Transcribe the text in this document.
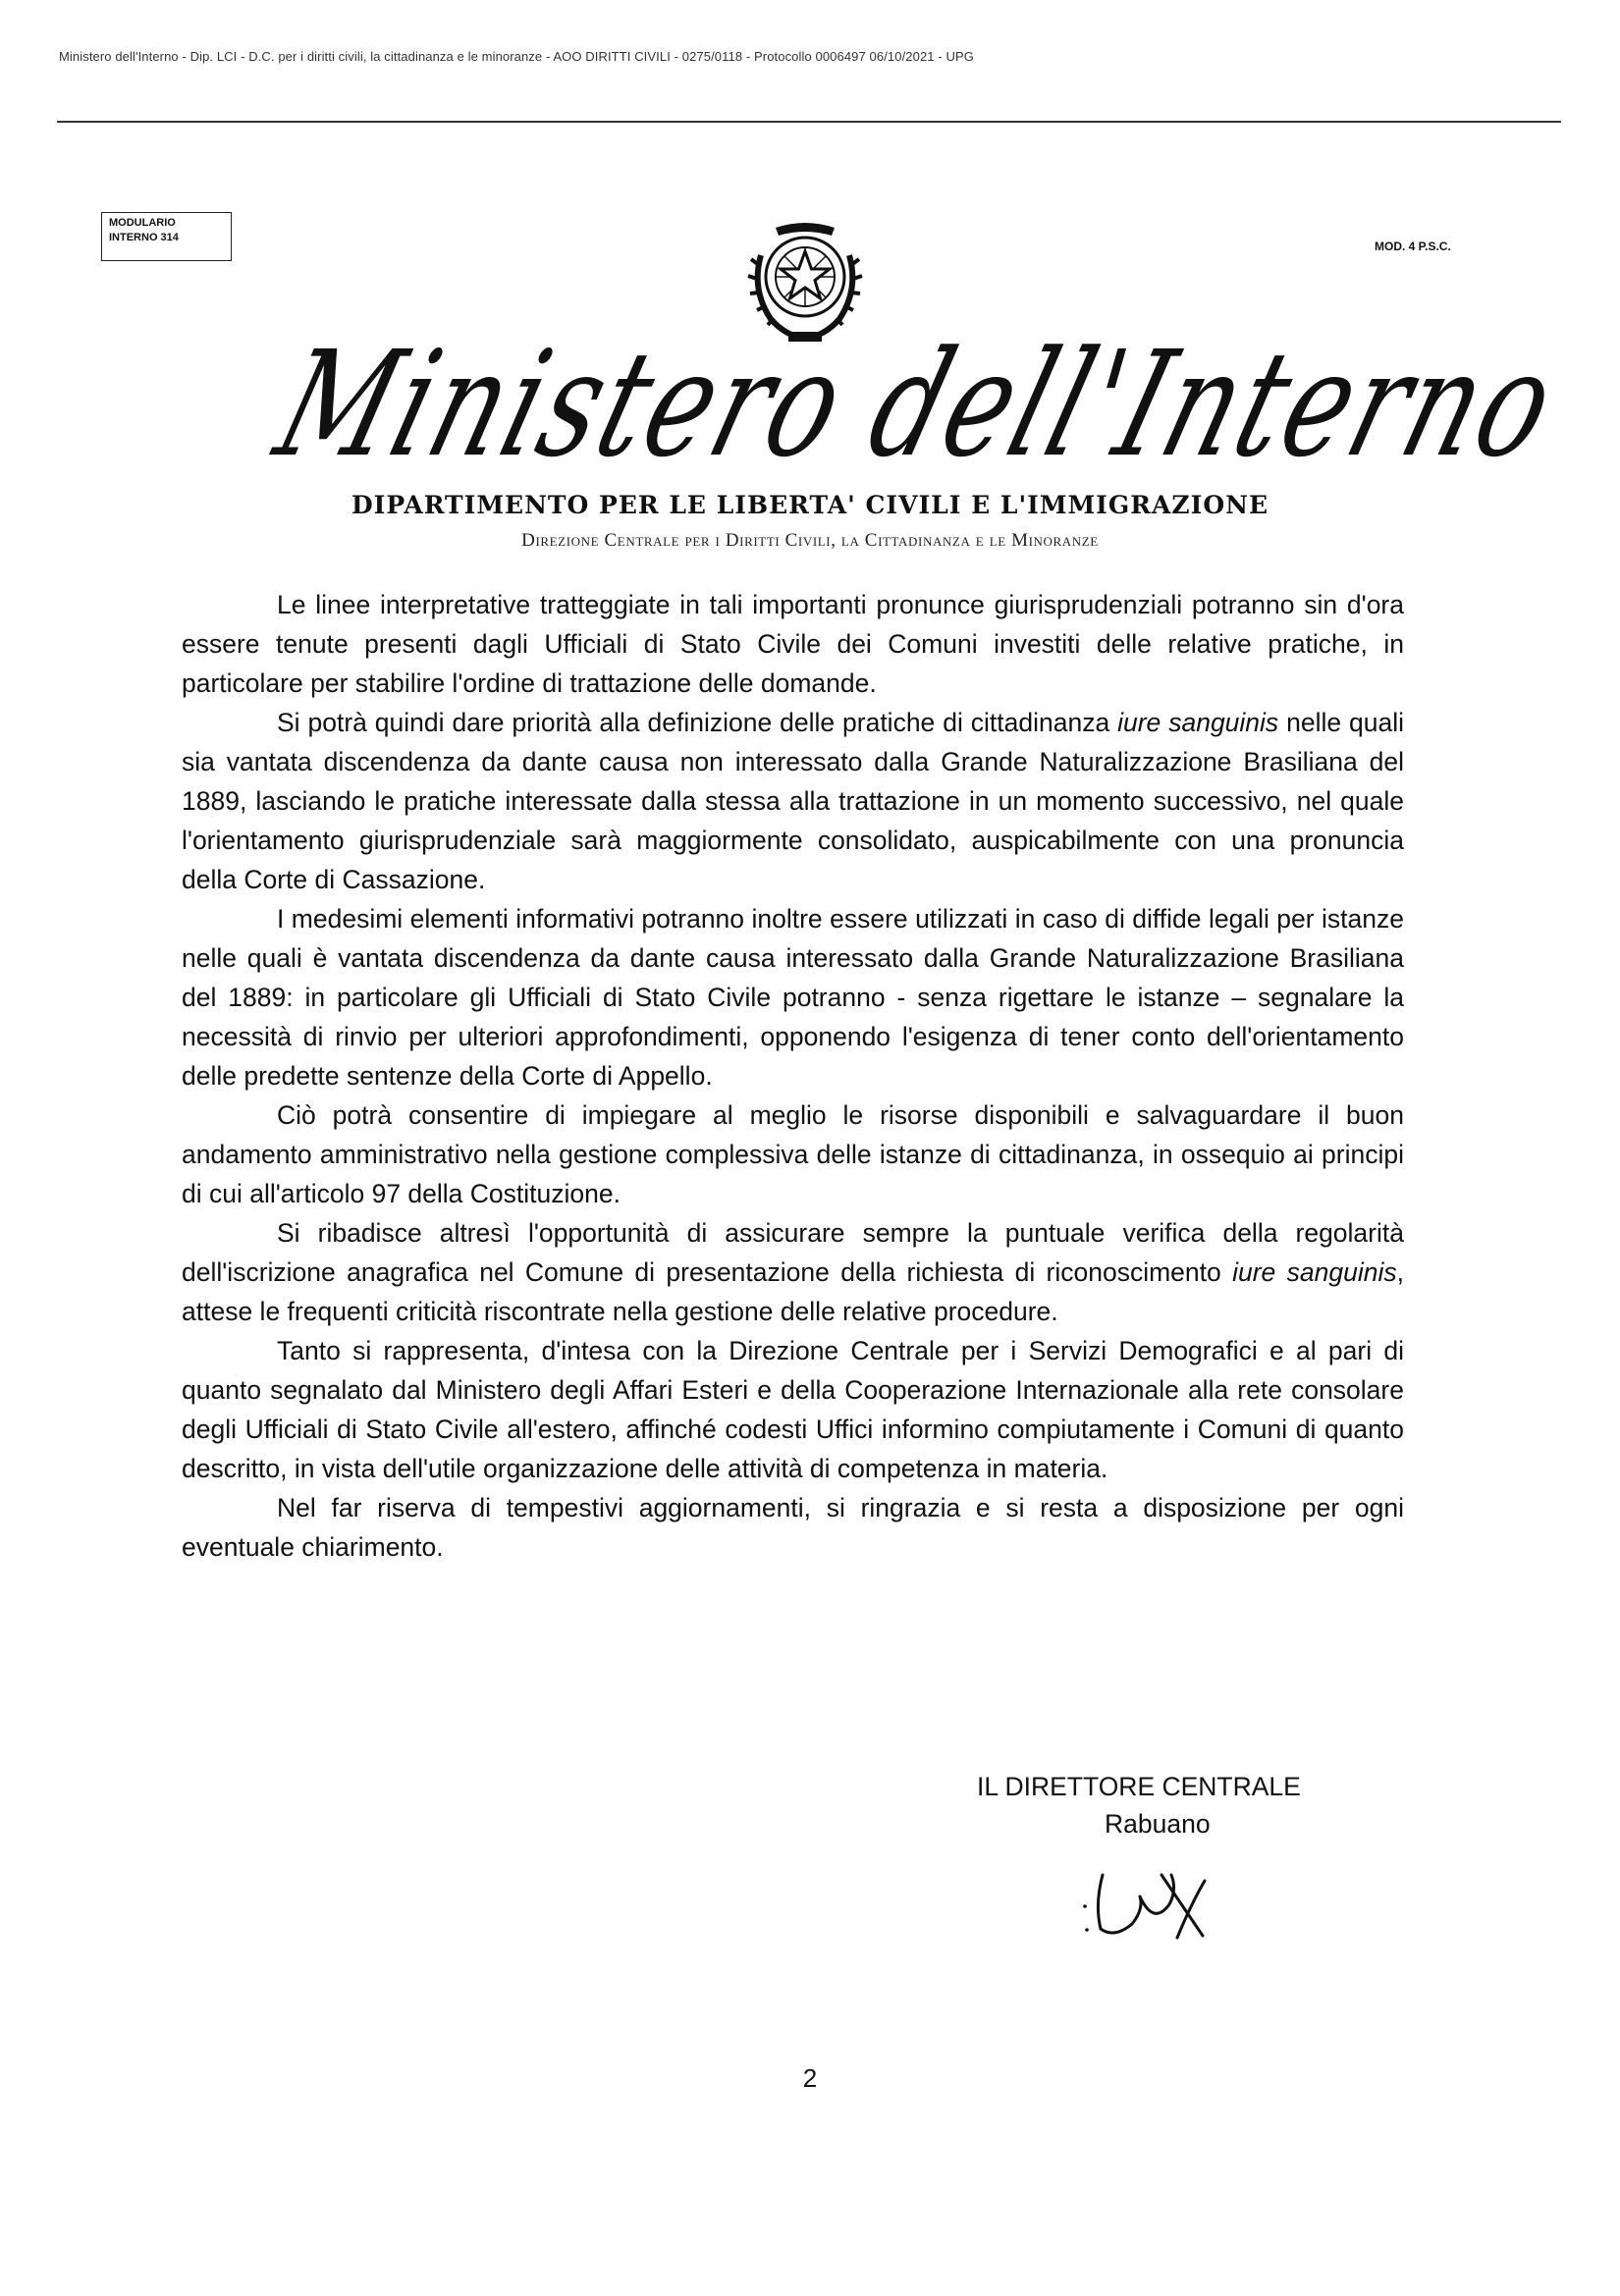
Ministero dell'Interno - Dip. LCI - D.C. per i diritti civili, la cittadinanza e le minoranze - AOO DIRITTI CIVILI - 0275/0118 - Protocollo 0006497 06/10/2021 - UPG
MODULARIO
INTERNO 314
MOD. 4 P.S.C.
Ministero dell'Interno
DIPARTIMENTO PER LE LIBERTA' CIVILI E L'IMMIGRAZIONE
Direzione Centrale per i Diritti Civili, la Cittadinanza e le Minoranze

Le linee interpretative tratteggiate in tali importanti pronunce giurisprudenziali potranno sin d'ora essere tenute presenti dagli Ufficiali di Stato Civile dei Comuni investiti delle relative pratiche, in particolare per stabilire l'ordine di trattazione delle domande.

Si potrà quindi dare priorità alla definizione delle pratiche di cittadinanza iure sanguinis nelle quali sia vantata discendenza da dante causa non interessato dalla Grande Naturalizzazione Brasiliana del 1889, lasciando le pratiche interessate dalla stessa alla trattazione in un momento successivo, nel quale l'orientamento giurisprudenziale sarà maggiormente consolidato, auspicabilmente con una pronuncia della Corte di Cassazione.

I medesimi elementi informativi potranno inoltre essere utilizzati in caso di diffide legali per istanze nelle quali è vantata discendenza da dante causa interessato dalla Grande Naturalizzazione Brasiliana del 1889: in particolare gli Ufficiali di Stato Civile potranno - senza rigettare le istanze – segnalare la necessità di rinvio per ulteriori approfondimenti, opponendo l'esigenza di tener conto dell'orientamento delle predette sentenze della Corte di Appello.

Ciò potrà consentire di impiegare al meglio le risorse disponibili e salvaguardare il buon andamento amministrativo nella gestione complessiva delle istanze di cittadinanza, in ossequio ai principi di cui all'articolo 97 della Costituzione.

Si ribadisce altresì l'opportunità di assicurare sempre la puntuale verifica della regolarità dell'iscrizione anagrafica nel Comune di presentazione della richiesta di riconoscimento iure sanguinis, attese le frequenti criticità riscontrate nella gestione delle relative procedure.

Tanto si rappresenta, d'intesa con la Direzione Centrale per i Servizi Demografici e al pari di quanto segnalato dal Ministero degli Affari Esteri e della Cooperazione Internazionale alla rete consolare degli Ufficiali di Stato Civile all'estero, affinché codesti Uffici informino compiutamente i Comuni di quanto descritto, in vista dell'utile organizzazione delle attività di competenza in materia.

Nel far riserva di tempestivi aggiornamenti, si ringrazia e si resta a disposizione per ogni eventuale chiarimento.

IL DIRETTORE CENTRALE
Rabuano
2
